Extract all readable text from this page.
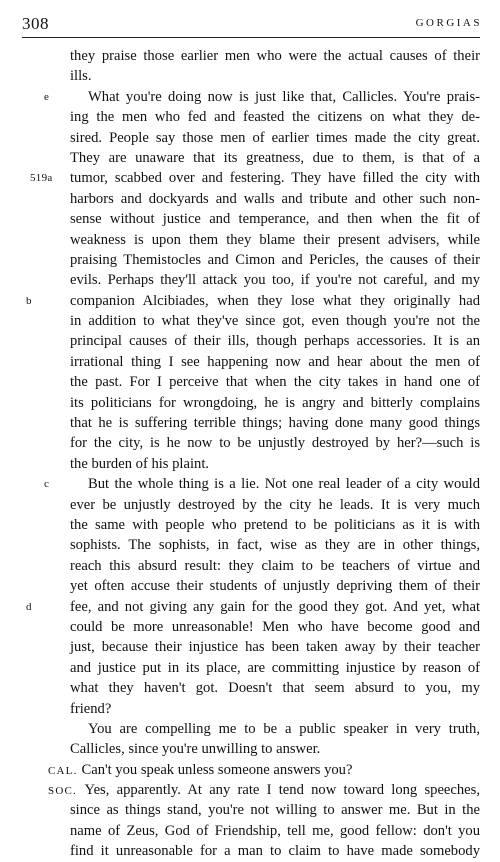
308	GORGIAS
they praise those earlier men who were the actual causes of their
ills.
e	What you're doing now is just like that, Callicles. You're prais-
ing the men who fed and feasted the citizens on what they de-
sired. People say those men of earlier times made the city great.
They are unaware that its greatness, due to them, is that of a
519a tumor, scabbed over and festering. They have filled the city with
harbors and dockyards and walls and tribute and other such non-
sense without justice and temperance, and then when the fit of
weakness is upon them they blame their present advisers, while
praising Themistocles and Cimon and Pericles, the causes of their
evils. Perhaps they'll attack you too, if you're not careful, and my
b	companion Alcibiades, when they lose what they originally had
in addition to what they've since got, even though you're not the
principal causes of their ills, though perhaps accessories. It is an
irrational thing I see happening now and hear about the men of
the past. For I perceive that when the city takes in hand one of
its politicians for wrongdoing, he is angry and bitterly complains
that he is suffering terrible things; having done many good things
for the city, is he now to be unjustly destroyed by her?—such is
the burden of his plaint.
c	But the whole thing is a lie. Not one real leader of a city would
ever be unjustly destroyed by the city he leads. It is very much
the same with people who pretend to be politicians as it is with
sophists. The sophists, in fact, wise as they are in other things,
reach this absurd result: they claim to be teachers of virtue and
yet often accuse their students of unjustly depriving them of their
d	fee, and not giving any gain for the good they got. And yet, what
could be more unreasonable! Men who have become good and
just, because their injustice has been taken away by their teacher
and justice put in its place, are committing injustice by reason of
what they haven't got. Doesn't that seem absurd to you, my
friend?
You are compelling me to be a public speaker in very truth,
Callicles, since you're unwilling to answer.
CAL. Can't you speak unless someone answers you?
SOC. Yes, apparently. At any rate I tend now toward long speeches,
since as things stand, you're not willing to answer me. But in the
name of Zeus, God of Friendship, tell me, good fellow: don't you
find it unreasonable for a man to claim to have made somebody
